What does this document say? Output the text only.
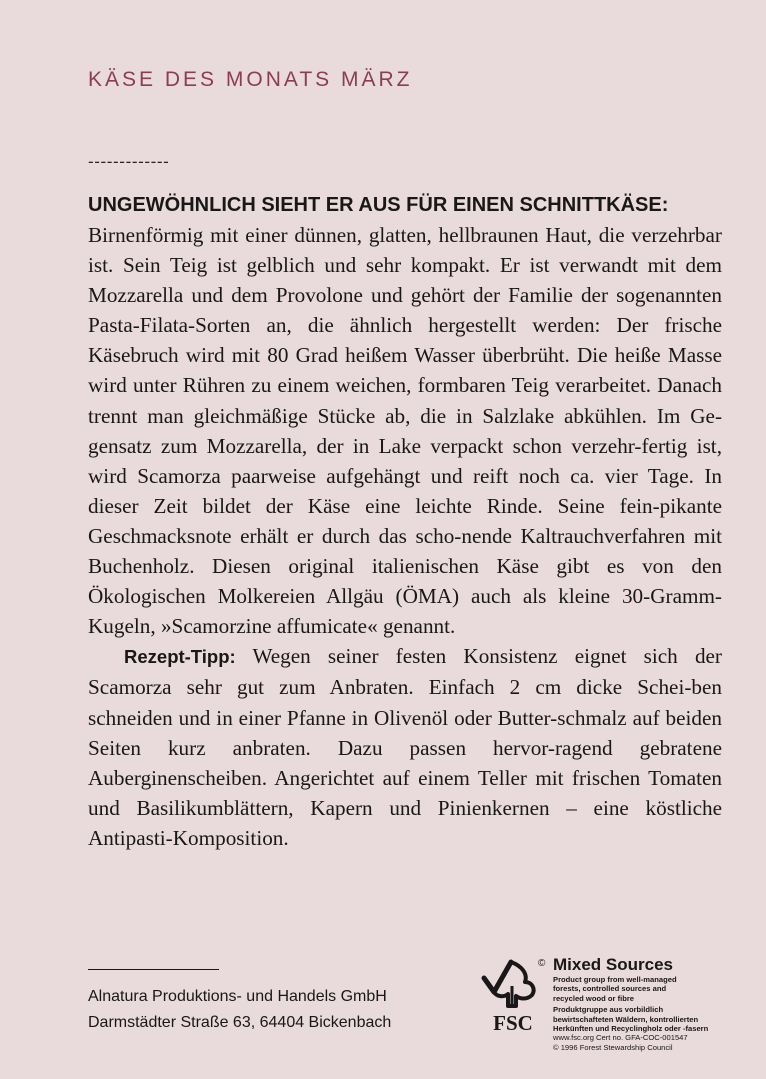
KÄSE DES MONATS MÄRZ
-------------
UNGEWÖHNLICH SIEHT ER AUS FÜR EINEN SCHNITTKÄSE:

Birnenförmig mit einer dünnen, glatten, hellbraunen Haut, die verzehrbar ist. Sein Teig ist gelblich und sehr kompakt. Er ist verwandt mit dem Mozzarella und dem Provolone und gehört der Familie der sogenannten Pasta-Filata-Sorten an, die ähnlich hergestellt werden: Der frische Käsebruch wird mit 80 Grad heißem Wasser überbrüht. Die heiße Masse wird unter Rühren zu einem weichen, formbaren Teig verarbeitet. Danach trennt man gleichmäßige Stücke ab, die in Salzlake abkühlen. Im Ge-gensatz zum Mozzarella, der in Lake verpackt schon verzehr-fertig ist, wird Scamorza paarweise aufgehängt und reift noch ca. vier Tage. In dieser Zeit bildet der Käse eine leichte Rinde. Seine fein-pikante Geschmacksnote erhält er durch das scho-nende Kaltrauchverfahren mit Buchenholz. Diesen original italienischen Käse gibt es von den Ökologischen Molkereien Allgäu (ÖMA) auch als kleine 30-Gramm-Kugeln, »Scamorzine affumicate« genannt.

Rezept-Tipp: Wegen seiner festen Konsistenz eignet sich der Scamorza sehr gut zum Anbraten. Einfach 2 cm dicke Schei-ben schneiden und in einer Pfanne in Olivenöl oder Butter-schmalz auf beiden Seiten kurz anbraten. Dazu passen hervor-ragend gebratene Auberginenscheiben. Angerichtet auf einem Teller mit frischen Tomaten und Basilikumblättern, Kapern und Pinienkernen – eine köstliche Antipasti-Komposition.

Alnatura Produktions- und Handels GmbH
Darmstädter Straße 63, 64404 Bickenbach	FSC
© Mixed Sources
Product group from well-managed
forests, controlled sources and
recycled wood or fibre
Produktgruppe aus vorbildlich
bewirtschafteten Wäldern, kontrollierten
Herkünften und Recyclingholz oder -fasern
www.fsc.org Cert no. GFA-COC-001547
© 1996 Forest Stewardship Council
